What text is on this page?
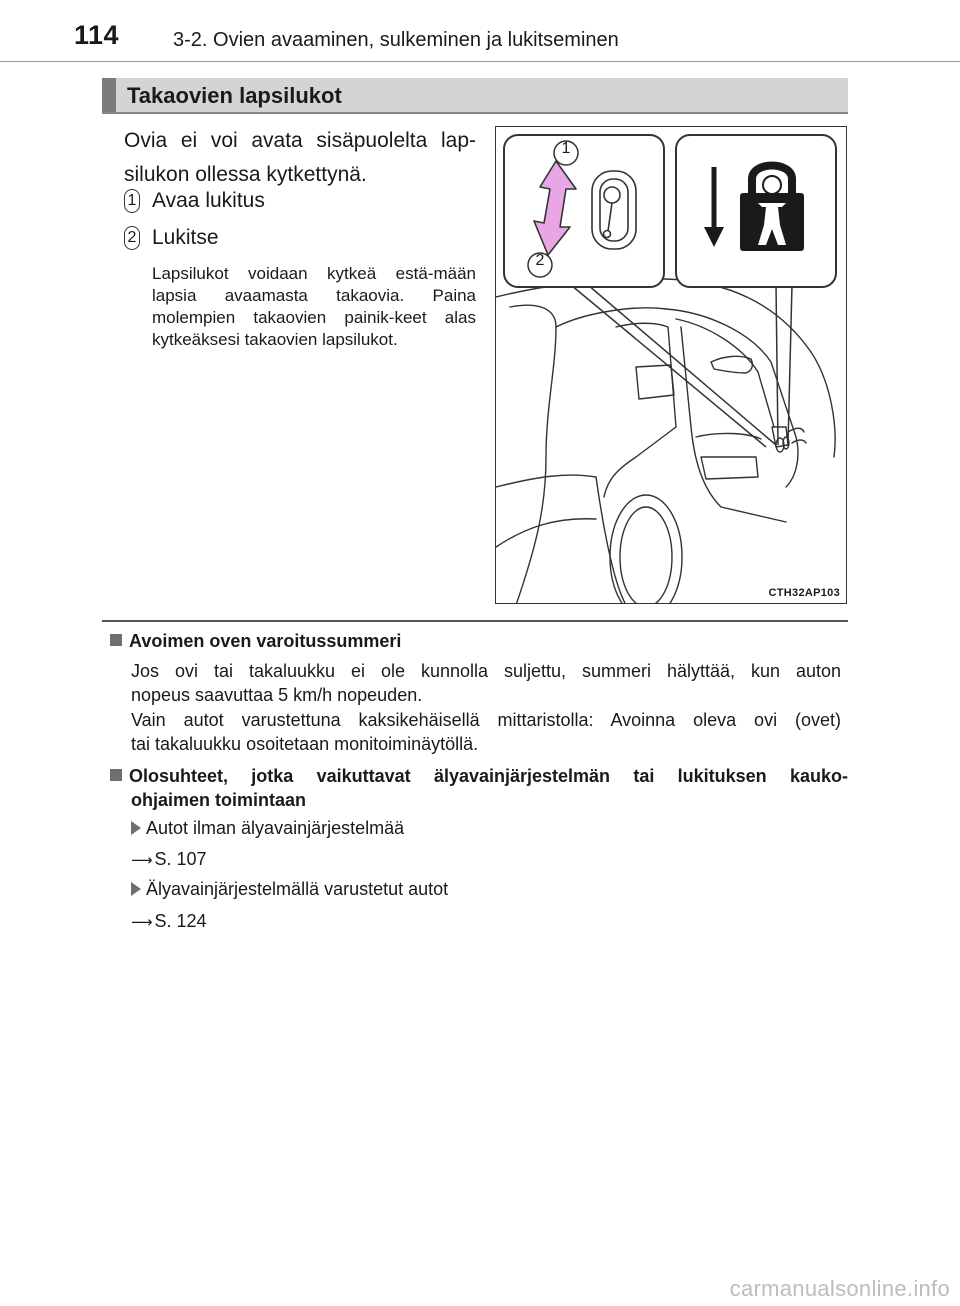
114	3-2. Ovien avaaminen, sulkeminen ja lukitseminen
Takaovien lapsilukot
Ovia ei voi avata sisäpuolelta lap-silukon ollessa kytkettynä.
1 Avaa lukitus
2 Lukitse
Lapsilukot voidaan kytkeä estä-mään lapsia avaamasta takaovia. Paina molempien takaovien painik-keet alas kytkeäksesi takaovien lapsilukot.
1
2
CTH32AP103
Avoimen oven varoitussummeri
Jos ovi tai takaluukku ei ole kunnolla suljettu, summeri hälyttää, kun auton
nopeus saavuttaa 5 km/h nopeuden.
Vain autot varustettuna kaksikehäisellä mittaristolla: Avoinna oleva ovi (ovet)
tai takaluukku osoitetaan monitoiminäytöllä.
Olosuhteet, jotka vaikuttavat älyavainjärjestelmän tai lukituksen kauko-
ohjaimen toimintaan
Autot ilman älyavainjärjestelmää
⟶ S. 107
Älyavainjärjestelmällä varustetut autot
⟶ S. 124
carmanualsonline.info
